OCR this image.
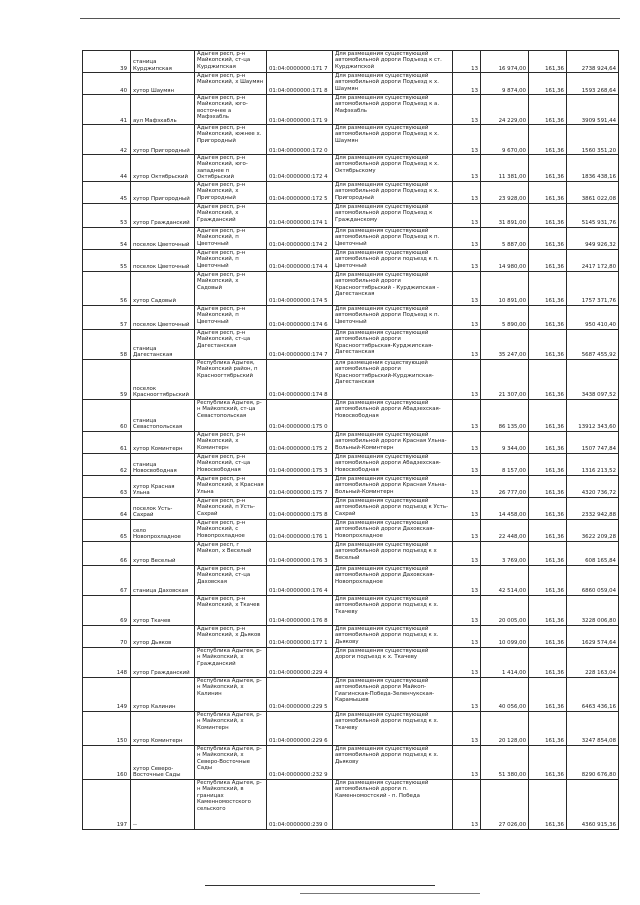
39	станица Курджипская	Адыгея респ, р-н Майкопский, ст-ца Курджипская	01:04:0000000:171 7	Для размещения существующей автомобильной дороги Подъезд к ст. Курджипской	13	16 974,00	161,36	2738 924,64
40	хутор Шаумян	Адыгея респ, р-н Майкопский, х Шаумян	01:04:0000000:171 8	Для размещения существующей автомобильной дороги Подъезд к х. Шаумян	13	9 874,00	161,36	1593 268,64
41	аул Мафэхабль	Адыгея респ, р-н Майкопский, юго-восточнее а Мафэхабль	01:04:0000000:171 9	Для размещения существующей автомобильной дороги Подъезд к а. Мафэхабль	13	24 229,00	161,36	3909 591,44
42	хутор Пригородный	Адыгея респ, р-н Майкопский, южнее х. Пригородный	01:04:0000000:172 0	Для размещения существующей автомобильной дороги Подъезд к х. Шаумян	13	9 670,00	161,36	1560 351,20
44	хутор Октябрьский	Адыгея респ, р-н Майкопский, юго-западнее п Октябрьский	01:04:0000000:172 4	Для размещения существующей автомобильной дороги Подъезд к х. Октябрьскому	13	11 381,00	161,36	1836 438,16
45	хутор Пригородный	Адыгея респ, р-н Майкопский, х Пригородный	01:04:0000000:172 5	Для размещения существующей автомобильной дороги Подъезд к х. Пригородный	13	23 928,00	161,36	3861 022,08
53	хутор Гражданский	Адыгея респ, р-н Майкопский, х Гражданский	01:04:0000000:174 1	Для размещения существующей автомобильной дороги Подъезд к Гражданскому	13	31 891,00	161,36	5145 931,76
54	поселок Цветочный	Адыгея респ, р-н Майкопский, п Цветочный	01:04:0000000:174 2	Для размещения существующей автомобильной дороги Подъезд к п. Цветочный	13	5 887,00	161,36	949 926,32
55	поселок Цветочный	Адыгея респ, р-н Майкопский, п Цветочный	01:04:0000000:174 4	Для размещения существующей автомобильной дороги подъезд к п. Цветочный	13	14 980,00	161,36	2417 172,80
56	хутор Садовый	Адыгея респ, р-н Майкопский, х Садовый	01:04:0000000:174 5	Для размещения существующей автомобильной дороги Красноогтябрьский - Курджипская - Дагестанская	13	10 891,00	161,36	1757 371,76
57	поселок Цветочный	Адыгея респ, р-н Майкопский, п Цветочный	01:04:0000000:174 6	Для размещения существующей автомобильной дороги Подъезд к п. Цветочный	13	5 890,00	161,36	950 410,40
58	станица Дагестанская	Адыгея респ, р-н Майкопский, ст-ца Дагестанская	01:04:0000000:174 7	Для размещения существующей автомобильной дороги Красноогтябрьская-Курджипская-Дагестанская	13	35 247,00	161,36	5687 455,92
59	поселок Красноогтябрьский	Республика Адыгея, Майкопский район, п Красноогтябрьский	01:04:0000000:174 8	для размещения существующей автомобильной дороги Красноогтябрьский-Курджипская-Дагестанская	13	21 307,00	161,36	3438 097,52
60	станица Севастопольская	Республика Адыгея, р-н Майкопский, ст-ца Севастопольская	01:04:0000000:175 0	Для размещения существующей автомобильной дороги Абадзехская-Новосвободная	13	86 135,00	161,36	13912 343,60
61	хутор Коминтерн	Адыгея респ, р-н Майкопский, х Коминтерн	01:04:0000000:175 2	Для размещения существующей автомобильной дороги Красная Ульна-Вольный-Коминтерн	13	9 344,00	161,36	1507 747,84
62	станица Новосвободная	Адыгея респ, р-н Майкопский, ст-ца Новосвободная	01:04:0000000:175 3	Для размещения существующей автомобильной дороги Абадзехская-Новосвободная	13	8 157,00	161,36	1316 213,52
63	хутор Красная Ульна	Адыгея респ, р-н Майкопский, х Красная Ульна	01:04:0000000:175 7	Для размещения существующей автомобильной дороги Красная Ульна-Вольный-Коминтерн	13	26 777,00	161,36	4320 736,72
64	поселок Усть-Сахрай	Адыгея респ, р-н Майкопский, п Усть-Сахрай	01:04:0000000:175 8	Для размещения существующей автомобильной дороги подъезд к Усть-Сахрай	13	14 458,00	161,36	2332 942,88
65	село Новопрохладное	Адыгея респ, р-н Майкопский, с Новопрохладное	01:04:0000000:176 1	Для размещения существующей автомобильной дороги Даховская-Новопрохладное	13	22 448,00	161,36	3622 209,28
66	хутор Веселый	Адыгея респ, г Майкоп, х Веселый	01:04:0000000:176 3	Для размещения существующей автомобильной дороги подъезд к х Веселый	13	3 769,00	161,36	608 165,84
67	станица Даховская	Адыгея респ, р-н Майкопский, ст-ца Даховская	01:04:0000000:176 4	Для размещения существующей автомобильной дороги Даховская-Новопрохладное	13	42 514,00	161,36	6860 059,04
69	хутор Ткачев	Адыгея респ, р-н Майкопский, х Ткачев	01:04:0000000:176 8	Для размещения существующей автомобильной дороги подъезд к х. Ткачеву	13	20 005,00	161,36	3228 006,80
70	хутор Дьяков	Адыгея респ, р-н Майкопский, х Дьяков	01:04:0000000:177 1	Для размещения существующей автомобильной дороги подъезд к х. Дьякову	13	10 099,00	161,36	1629 574,64
148	хутор Гражданский	Республика Адыгея, р-н Майкопский, х Гражданский	01:04:0000000:229 4	Для размещения существующей дороги подъезд к х. Ткачеву	13	1 414,00	161,36	228 163,04
149	хутор Калинин	Республика Адыгея, р-н Майкопский, х Калинин	01:04:0000000:229 5	Для размещения существующей автомобильной дороги Майкоп-Гиагинская-Победа-Зеленчукская-Карамышев	13	40 056,00	161,36	6463 436,16
150	хутор Коминтерн	Республика Адыгея, р-н Майкопский, х Коминтерн	01:04:0000000:229 6	Для размещения существующей автомобильной дороги подъезд к х. Ткачеву	13	20 128,00	161,36	3247 854,08
160	хутор Северо-Восточные Сады	Республика Адыгея, р-н Майкопский, х Северо-Восточные Сады	01:04:0000000:232 9	Для размещения существующей автомобильной дороги подъезд к х. Дьякову	13	51 380,00	161,36	8290 676,80
197	--	Республика Адыгея, р-н Майкопский, в границах Каменномостского сельского	01:04:0000000:239 0	Для размещения существующей автомобильной дороги п. Каменномостский - п. Победа	13	27 026,00	161,36	4360 915,36
